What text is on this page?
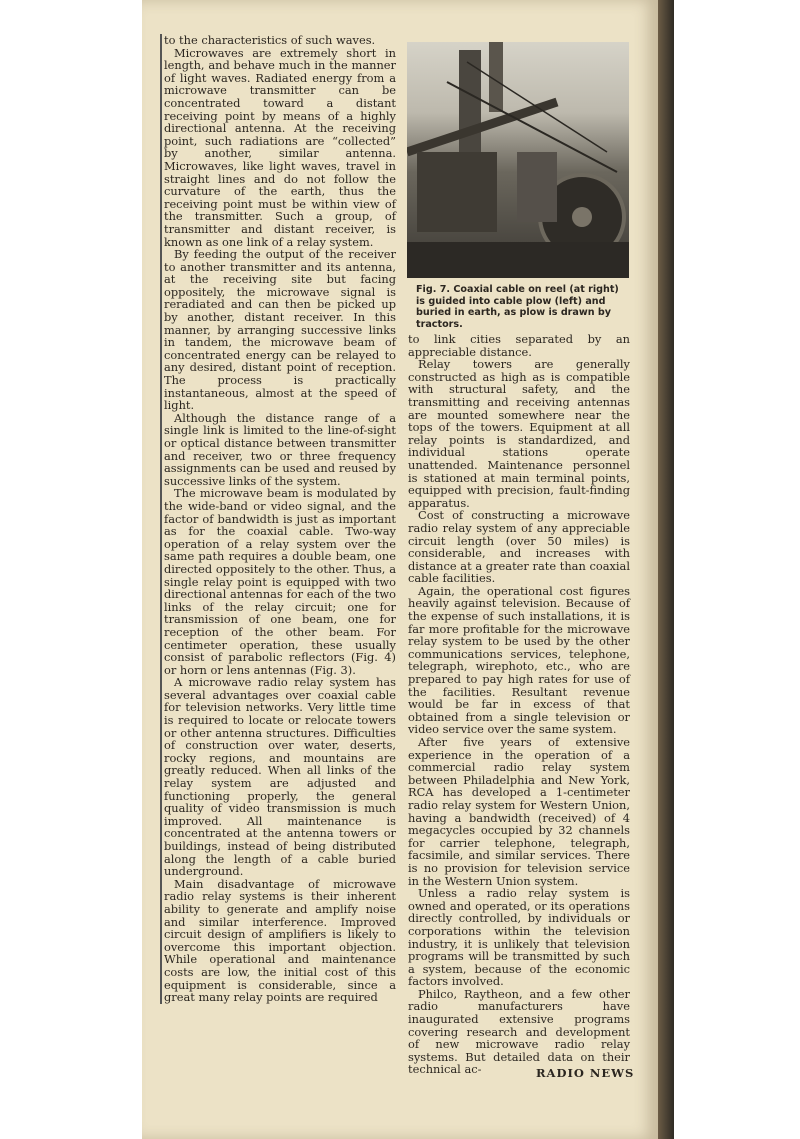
to the characteristics of such waves.

Microwaves are extremely short in length, and behave much in the manner of light waves. Radiated energy from a microwave transmitter can be concentrated toward a distant receiving point by means of a highly directional antenna. At the receiving point, such radiations are “collected” by another, similar antenna. Microwaves, like light waves, travel in straight lines and do not follow the curvature of the earth, thus the receiving point must be within view of the transmitter. Such a group, of transmitter and distant receiver, is known as one link of a relay system.

By feeding the output of the receiver to another transmitter and its antenna, at the receiving site but facing oppositely, the microwave signal is reradiated and can then be picked up by another, distant receiver. In this manner, by arranging successive links in tandem, the microwave beam of concentrated energy can be relayed to any desired, distant point of reception. The process is practically instantaneous, almost at the speed of light.

Although the distance range of a single link is limited to the line-of-sight or optical distance between transmitter and receiver, two or three frequency assignments can be used and reused by successive links of the system.

The microwave beam is modulated by the wide-band or video signal, and the factor of bandwidth is just as important as for the coaxial cable. Two-way operation of a relay system over the same path requires a double beam, one directed oppositely to the other. Thus, a single relay point is equipped with two directional antennas for each of the two links of the relay circuit; one for transmission of one beam, one for reception of the other beam. For centimeter operation, these usually consist of parabolic reflectors (Fig. 4) or horn or lens antennas (Fig. 3).

A microwave radio relay system has several advantages over coaxial cable for television networks. Very little time is required to locate or relocate towers or other antenna structures. Difficulties of construction over water, deserts, rocky regions, and mountains are greatly reduced. When all links of the relay system are adjusted and functioning properly, the general quality of video transmission is much improved. All maintenance is concentrated at the antenna towers or buildings, instead of being distributed along the length of a cable buried underground.

Main disadvantage of microwave radio relay systems is their inherent ability to generate and amplify noise and similar interference. Improved circuit design of amplifiers is likely to overcome this important objection. While operational and maintenance costs are low, the initial cost of this equipment is considerable, since a great many relay points are required

Fig. 7. Coaxial cable on reel (at right) is guided into cable plow (left) and buried in earth, as plow is drawn by tractors.

to link cities separated by an appreciable distance.

Relay towers are generally constructed as high as is compatible with structural safety, and the transmitting and receiving antennas are mounted somewhere near the tops of the towers. Equipment at all relay points is standardized, and individual stations operate unattended. Maintenance personnel is stationed at main terminal points, equipped with precision, fault-finding apparatus.

Cost of constructing a microwave radio relay system of any appreciable circuit length (over 50 miles) is considerable, and increases with distance at a greater rate than coaxial cable facilities.

Again, the operational cost figures heavily against television. Because of the expense of such installations, it is far more profitable for the microwave relay system to be used by the other communications services, telephone, telegraph, wirephoto, etc., who are prepared to pay high rates for use of the facilities. Resultant revenue would be far in excess of that obtained from a single television or video service over the same system.

After five years of extensive experience in the operation of a commercial radio relay system between Philadelphia and New York, RCA has developed a 1-centimeter radio relay system for Western Union, having a bandwidth (received) of 4 megacycles occupied by 32 channels for carrier telephone, telegraph, facsimile, and similar services. There is no provision for television service in the Western Union system.

Unless a radio relay system is owned and operated, or its operations directly controlled, by individuals or corporations within the television industry, it is unlikely that television programs will be transmitted by such a system, because of the economic factors involved.

Philco, Raytheon, and a few other radio manufacturers have inaugurated extensive programs covering research and development of new microwave radio relay systems. But detailed data on their technical ac-	RADIO NEWS
